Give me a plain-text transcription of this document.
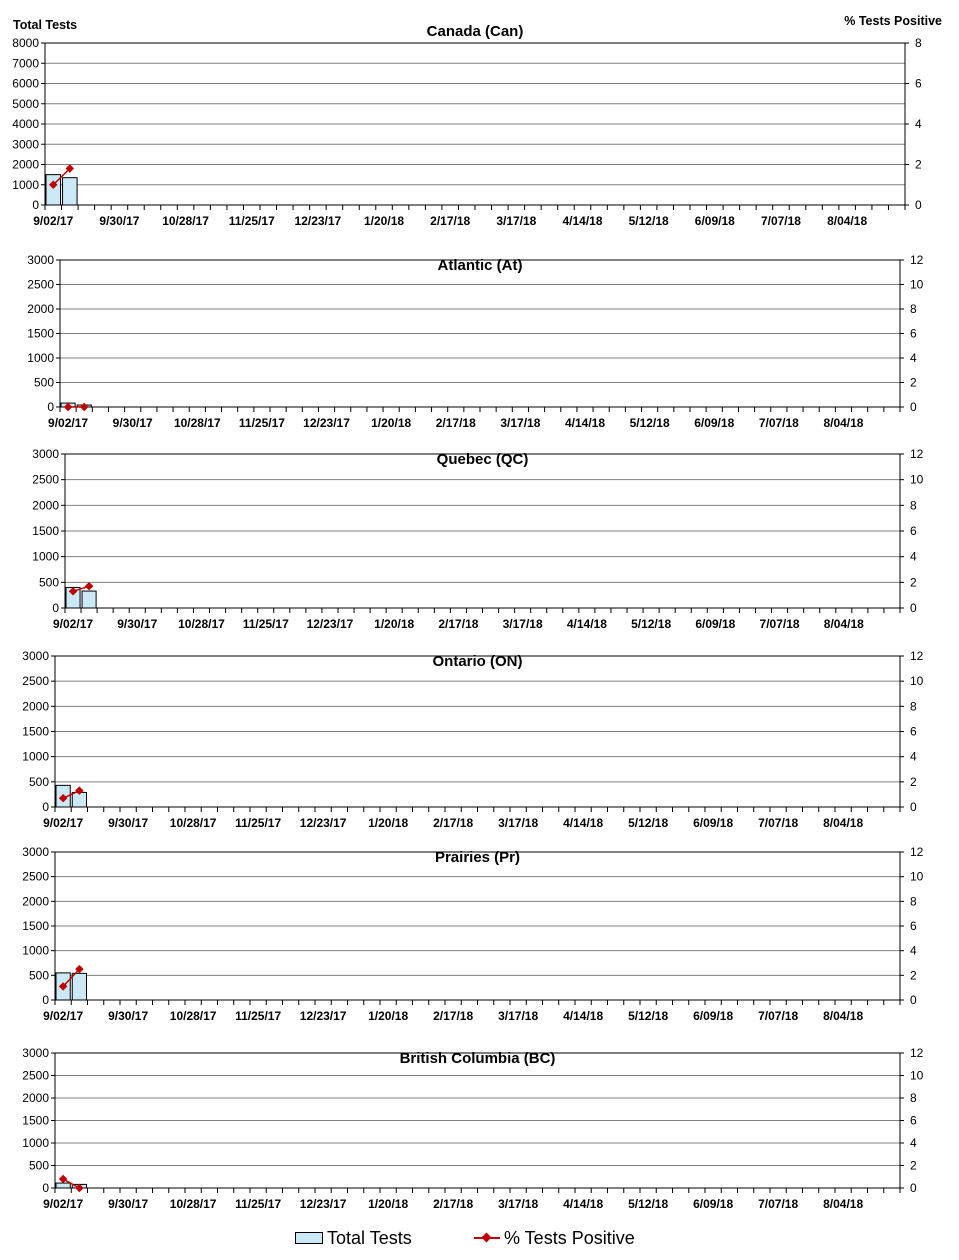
Total Tests	% Tests Positive
0
1000
2000
3000
4000
5000
6000
7000
8000
0
2
4
6
8
9/02/17 9/30/17 10/28/17 11/25/17 12/23/17 1/20/18 2/17/18 3/17/18 4/14/18 5/12/18 6/09/18 7/07/18 8/04/18
Canada (Can)
0
500
1000
1500
2000
2500
3000
0
2
4
6
8
10
12
9/02/17 9/30/17 10/28/17 11/25/17 12/23/17 1/20/18 2/17/18 3/17/18 4/14/18 5/12/18 6/09/18 7/07/18 8/04/18
Atlantic (At)
0
500
1000
1500
2000
2500
3000
0
2
4
6
8
10
12
9/02/17 9/30/17 10/28/17 11/25/17 12/23/17 1/20/18 2/17/18 3/17/18 4/14/18 5/12/18 6/09/18 7/07/18 8/04/18
Quebec (QC)
0
500
1000
1500
2000
2500
3000
0
2
4
6
8
10
12
9/02/17 9/30/17 10/28/17 11/25/17 12/23/17 1/20/18 2/17/18 3/17/18 4/14/18 5/12/18 6/09/18 7/07/18 8/04/18
Ontario (ON)
0
500
1000
1500
2000
2500
3000
0
2
4
6
8
10
12
9/02/17 9/30/17 10/28/17 11/25/17 12/23/17 1/20/18 2/17/18 3/17/18 4/14/18 5/12/18 6/09/18 7/07/18 8/04/18
Prairies (Pr)
0
500
1000
1500
2000
2500
3000
0
2
4
6
8
10
12
9/02/17 9/30/17 10/28/17 11/25/17 12/23/17 1/20/18 2/17/18 3/17/18 4/14/18 5/12/18 6/09/18 7/07/18 8/04/18
British Columbia (BC)
Total Tests	% Tests Positive
